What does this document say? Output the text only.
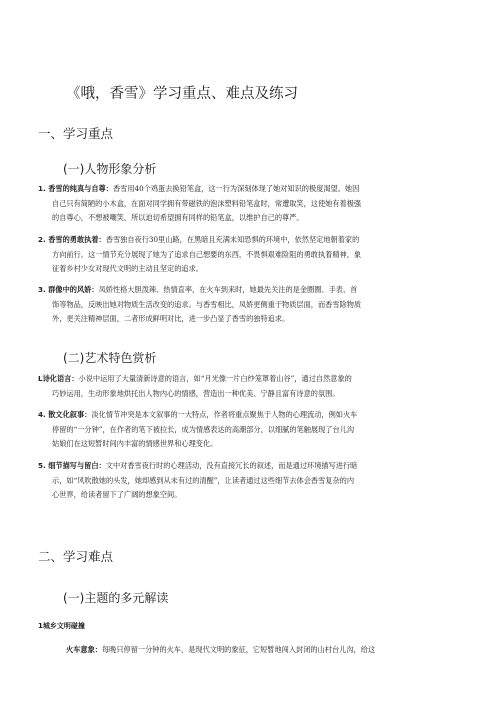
《哦，香雪》学习重点、难点及练习
一、学习重点
(一)人物形象分析
1. 香雪的纯真与自尊：香雪用40个鸡蛋去换铅笔盒，这一行为深刻体现了她对知识的极度渴望。她因
自己只有简陋的小木盒，在面对同学拥有带磁铁的泡沫塑料铅笔盒时，常遭取笑，这使她有着极强
的自尊心，不想被嘲笑，所以迫切希望拥有同样的铅笔盒，以维护自己的尊严。
2. 香雪的勇敢执着：香雪独自夜行30里山路，在黑暗且充满未知恐惧的环境中，依然坚定地朝着家的
方向前行。这一情节充分展现了她为了追求自己想要的东西，不畏惧艰难险阻的勇敢执着精神，象
征着乡村少女对现代文明的主动且坚定的追求。
3. 群像中的风娇：凤娇性格大胆泼辣、热情直率，在火车到来时，她最先关注的是金圈圈、手表、首
饰等物品，反映出她对物质生活改变的追求。与香雪相比，凤娇更侧重于物质层面，而香雪除物质
外，更关注精神层面，二者形成鲜明对比，进一步凸显了香雪的独特追求。
(二)艺术特色赏析
L诗化语言：小说中运用了大量清新诗意的语言，如“月光像一片白纱笼罩着山谷”，通过自然意象的
巧妙运用，生动形象地烘托出人物内心的情感，营造出一种优美、宁静且富有诗意的氛围。
4. 散文化叙事：淡化情节冲突是本文叙事的一大特点，作者将重点聚焦于人物的心理流动，例如火车
停留的“一分钟”，在作者的笔下被拉长，成为情感表达的高潮部分，以细腻的笔触展现了台儿沟
姑娘们在这短暂时间内丰富的情感世界和心理变化。
5. 细节描写与留白：文中对香雪夜行时的心理活动，没有直接冗长的叙述，而是通过环境描写进行暗
示，如“风吹散她的头发，她却感到从未有过的清醒”，让读者通过这些细节去体会香雪复杂的内
心世界，给读者留下了广阔的想象空间。
二、学习难点
(一)主题的多元解读
1城乡文明碰撞
火车意象：每晚只停留一分钟的火车，是现代文明的象征，它短暂地闯入封闭的山村台儿沟，给这
